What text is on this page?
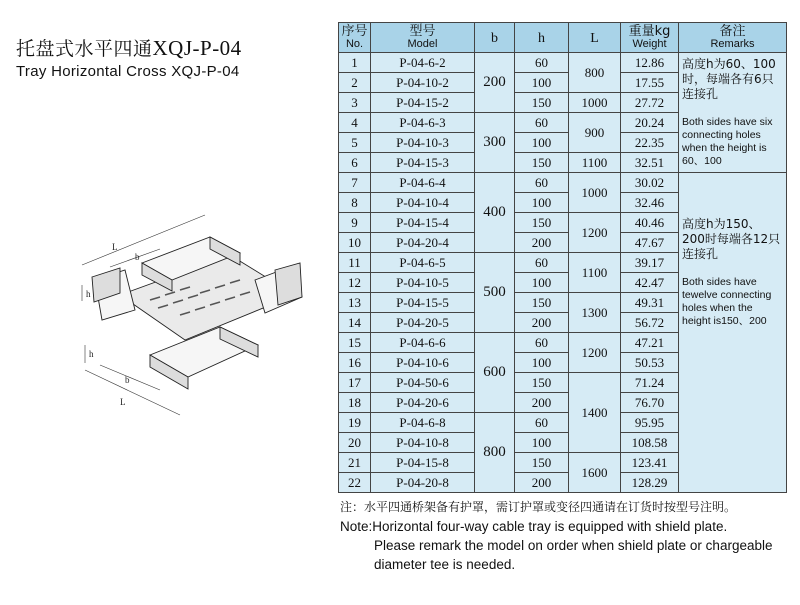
托盘式水平四通XQJ-P-04
Tray Horizontal Cross XQJ-P-04
L
b
h
h
b
L
序号
No.	型号
Model	b	h	L	重量kg
Weight	备注
Remarks

1	P-04-6-2	200	60	800	12.86	高度h为60、100时，每端各有6只连接孔
Both sides have six connecting holes when the height is 60、100

2	P-04-10-2		100		17.55	
3	P-04-15-2		150	1000	27.72	
4	P-04-6-3	300	60	900	20.24	
5	P-04-10-3		100		22.35	
6	P-04-15-3		150	1100	32.51	
7	P-04-6-4	400	60	1000	30.02	高度h为150、200时每端各12只连接孔
Both sides have tewelve connecting holes when the height is150、200

8	P-04-10-4		100		32.46	
9	P-04-15-4		150	1200	40.46	
10	P-04-20-4		200		47.67	
11	P-04-6-5	500	60	1100	39.17	
12	P-04-10-5		100		42.47	
13	P-04-15-5		150	1300	49.31	
14	P-04-20-5		200		56.72	
15	P-04-6-6	600	60	1200	47.21	
16	P-04-10-6		100		50.53	
17	P-04-50-6		150	1400	71.24	
18	P-04-20-6		200		76.70	
19	P-04-6-8	800	60		95.95	
20	P-04-10-8		100		108.58	
21	P-04-15-8		150	1600	123.41	
22	P-04-20-8		200		128.29	
注：水平四通桥架备有护罩，需订护罩或变径四通请在订货时按型号注明。
Note:Horizontal four-way cable tray is equipped with shield plate.
Please remark the model on order when shield plate or chargeable
diameter tee is needed.
